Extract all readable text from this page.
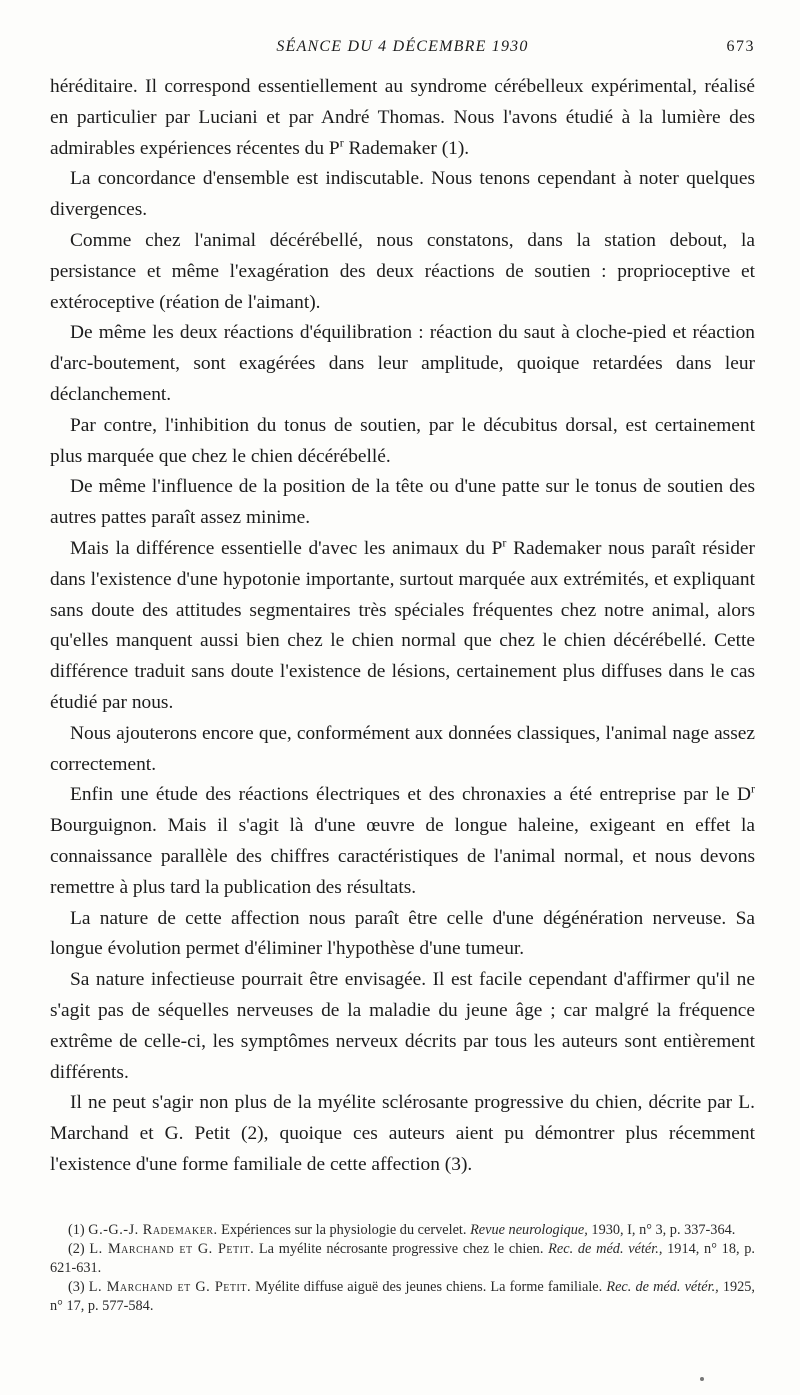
SÉANCE DU 4 DÉCEMBRE 1930	673

héréditaire. Il correspond essentiellement au syndrome cérébelleux expérimental, réalisé en particulier par Luciani et par André Thomas. Nous l'avons étudié à la lumière des admirables expériences récentes du $P^r$ Rademaker (1).

La concordance d'ensemble est indiscutable. Nous tenons cependant à noter quelques divergences.

Comme chez l'animal décérébellé, nous constatons, dans la station debout, la persistance et même l'exagération des deux réactions de soutien : proprioceptive et extéroceptive (réation de l'aimant).

De même les deux réactions d'équilibration : réaction du saut à cloche-pied et réaction d'arc-boutement, sont exagérées dans leur amplitude, quoique retardées dans leur déclanchement.

Par contre, l'inhibition du tonus de soutien, par le décubitus dorsal, est certainement plus marquée que chez le chien décérébellé.

De même l'influence de la position de la tête ou d'une patte sur le tonus de soutien des autres pattes paraît assez minime.

Mais la différence essentielle d'avec les animaux du $P^r$ Rademaker nous paraît résider dans l'existence d'une hypotonie importante, surtout marquée aux extrémités, et expliquant sans doute des attitudes segmentaires très spéciales fréquentes chez notre animal, alors qu'elles manquent aussi bien chez le chien normal que chez le chien décérébellé. Cette différence traduit sans doute l'existence de lésions, certainement plus diffuses dans le cas étudié par nous.

Nous ajouterons encore que, conformément aux données classiques, l'animal nage assez correctement.

Enfin une étude des réactions électriques et des chronaxies a été entreprise par le $D^r$ Bourguignon. Mais il s'agit là d'une œuvre de longue haleine, exigeant en effet la connaissance parallèle des chiffres caractéristiques de l'animal normal, et nous devons remettre à plus tard la publication des résultats.

La nature de cette affection nous paraît être celle d'une dégénération nerveuse. Sa longue évolution permet d'éliminer l'hypothèse d'une tumeur.

Sa nature infectieuse pourrait être envisagée. Il est facile cependant d'affirmer qu'il ne s'agit pas de séquelles nerveuses de la maladie du jeune âge ; car malgré la fréquence extrême de celle-ci, les symptômes nerveux décrits par tous les auteurs sont entièrement différents.

Il ne peut s'agir non plus de la myélite sclérosante progressive du chien, décrite par L. Marchand et G. Petit (2), quoique ces auteurs aient pu démontrer plus récemment l'existence d'une forme familiale de cette affection (3).

(1) G.-G.-J. Rademaker. Expériences sur la physiologie du cervelet. Revue neurologique, 1930, I, n° 3, p. 337-364.

(2) L. Marchand et G. Petit. La myélite nécrosante progressive chez le chien. Rec. de méd. vétér., 1914, n° 18, p. 621-631.

(3) L. Marchand et G. Petit. Myélite diffuse aiguë des jeunes chiens. La forme familiale. Rec. de méd. vétér., 1925, n° 17, p. 577-584.
